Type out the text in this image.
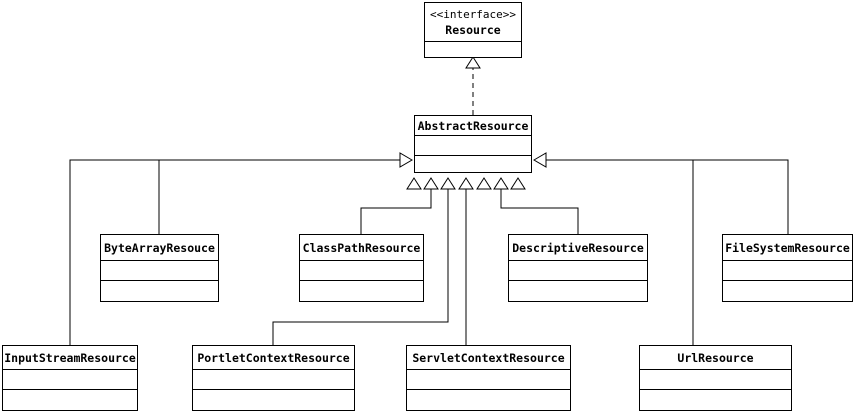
<<interface>>
Resource
AbstractResource
ByteArrayResouce	ClassPathResource	DescriptiveResource	FileSystemResource
InputStreamResource	PortletContextResource	ServletContextResource	UrlResource
